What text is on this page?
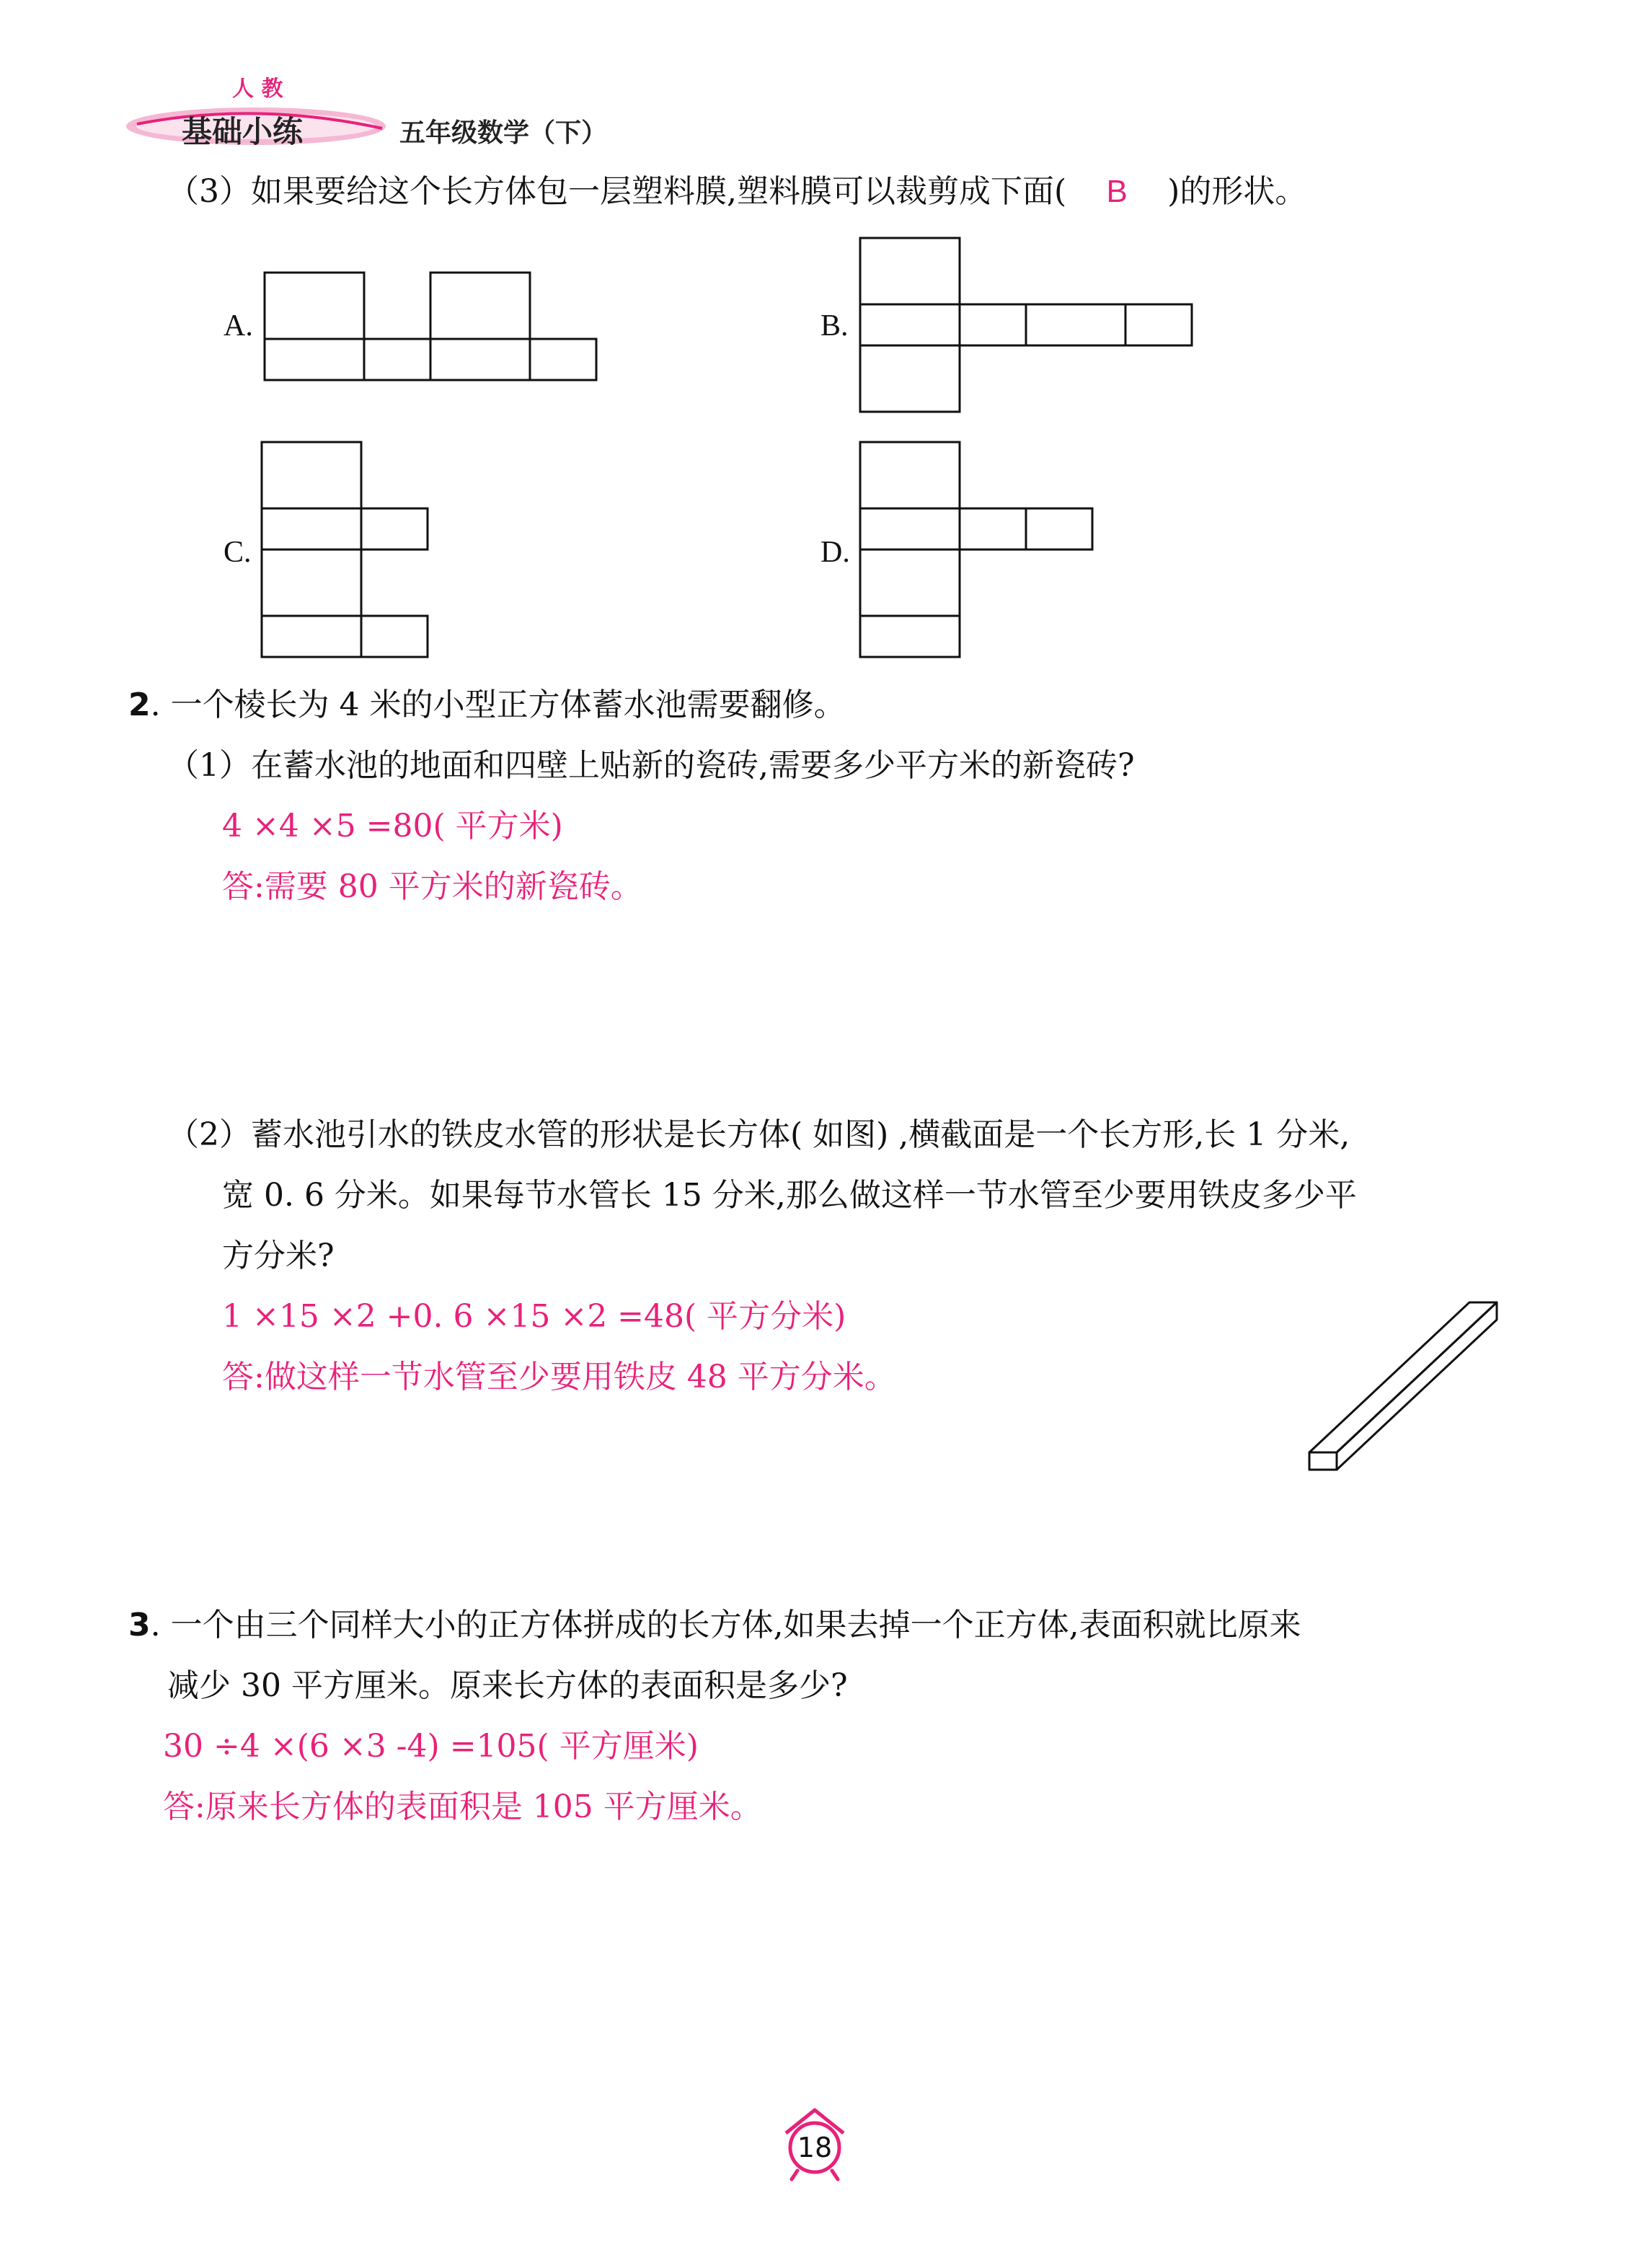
人 教
基础小练	五年级数学（下）
（3）如果要给这个长方体包一层塑料膜,塑料膜可以裁剪成下面( B )的形状。
A.	B.
C.	D.
2. 一个棱长为 4 米的小型正方体蓄水池需要翻修。
（1）在蓄水池的地面和四壁上贴新的瓷砖,需要多少平方米的新瓷砖?
4 ×4 ×5 =80( 平方米)
答:需要 80 平方米的新瓷砖。
（2）蓄水池引水的铁皮水管的形状是长方体( 如图) ,横截面是一个长方形,长 1 分米,
宽 0. 6 分米。如果每节水管长 15 分米,那么做这样一节水管至少要用铁皮多少平
方分米?
1 ×15 ×2 +0. 6 ×15 ×2 =48( 平方分米)
答:做这样一节水管至少要用铁皮 48 平方分米。
3. 一个由三个同样大小的正方体拼成的长方体,如果去掉一个正方体,表面积就比原来
减少 30 平方厘米。原来长方体的表面积是多少?
30 ÷4 ×(6 ×3 -4) =105( 平方厘米)
答:原来长方体的表面积是 105 平方厘米。
18
